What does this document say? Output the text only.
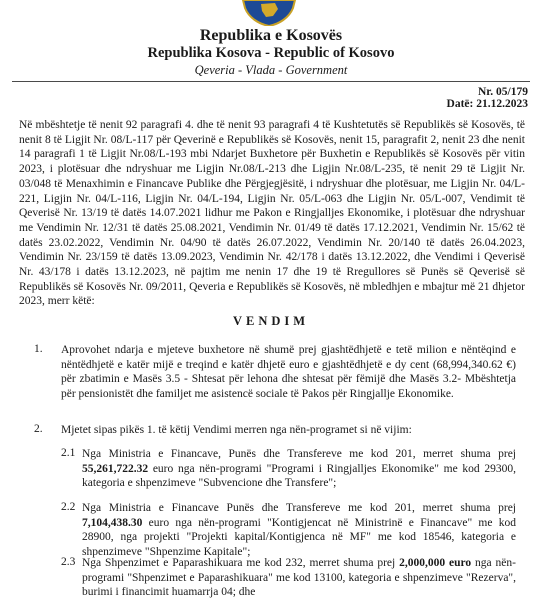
Republika e Kosovës
Republika Kosova - Republic of Kosovo
Qeveria - Vlada - Government
Nr. 05/179
Datë: 21.12.2023
Në mbështetje të nenit 92 paragrafi 4. dhe të nenit 93 paragrafi 4 të Kushtetutës së Republikës së Kosovës, të nenit 8 të Ligjit Nr. 08/L-117 për Qeverinë e Republikës së Kosovës, nenit 15, paragrafit 2, nenit 23 dhe nenit 14 paragrafi 1 të Ligjit Nr.08/L-193 mbi Ndarjet Buxhetore për Buxhetin e Republikës së Kosovës për vitin 2023, i plotësuar dhe ndryshuar me Ligjin Nr.08/L-213 dhe Ligjin Nr.08/L-235, të nenit 29 të Ligjit Nr. 03/048 të Menaxhimin e Financave Publike dhe Përgjegjësitë, i ndryshuar dhe plotësuar, me Ligjin Nr. 04/L-221, Ligjin Nr. 04/L-116, Ligjin Nr. 04/L-194, Ligjin Nr. 05/L-063 dhe Ligjin Nr. 05/L-007, Vendimit të Qeverisë Nr. 13/19 të datës 14.07.2021 lidhur me Pakon e Ringjalljes Ekonomike, i plotësuar dhe ndryshuar me Vendimin Nr. 12/31 të datës 25.08.2021, Vendimin Nr. 01/49 të datës 17.12.2021, Vendimin Nr. 15/62 të datës 23.02.2022, Vendimin Nr. 04/90 të datës 26.07.2022, Vendimin Nr. 20/140 të datës 26.04.2023, Vendimin Nr. 23/159 të datës 13.09.2023, Vendimin Nr. 42/178 i datës 13.12.2022, dhe Vendimi i Qeverisë Nr. 43/178 i datës 13.12.2023, në pajtim me nenin 17 dhe 19 të Rregullores së Punës së Qeverisë së Republikës së Kosovës Nr. 09/2011, Qeveria e Republikës së Kosovës, në mbledhjen e mbajtur më 21 dhjetor 2023, merr këtë:
VENDIM
1. Aprovohet ndarja e mjeteve buxhetore në shumë prej gjashtëdhjetë e tetë milion e nëntëqind e nëntëdhjetë e katër mijë e treqind e katër dhjetë euro e gjashtëdhjetë e dy cent (68,994,340.62 €) për zbatimin e Masës 3.5 - Shtesat për lehona dhe shtesat për fëmijë dhe Masës 3.2- Mbështetja për pensionistët dhe familjet me asistencë sociale të Pakos për Ringjallje Ekonomike.
2. Mjetet sipas pikës 1. të këtij Vendimi merren nga nën-programet si në vijim:
2.1 Nga Ministria e Financave, Punës dhe Transfereve me kod 201, merret shuma prej 55,261,722.32 euro nga nën-programi "Programi i Ringjalljes Ekonomike" me kod 29300, kategoria e shpenzimeve "Subvencione dhe Transfere";
2.2 Nga Ministria e Financave Punës dhe Transfereve me kod 201, merret shuma prej 7,104,438.30 euro nga nën-programi "Kontigjencat në Ministrinë e Financave" me kod 28900, nga projekti "Projekti kapital/Kontigjenca në MF" me kod 18546, kategoria e shpenzimeve "Shpenzime Kapitale";
2.3 Nga Shpenzimet e Paparashikuara me kod 232, merret shuma prej 2,000,000 euro nga nën-programi "Shpenzimet e Paparashikuara" me kod 13100, kategoria e shpenzimeve "Rezerva", burimi i financimit huamarrja 04; dhe
